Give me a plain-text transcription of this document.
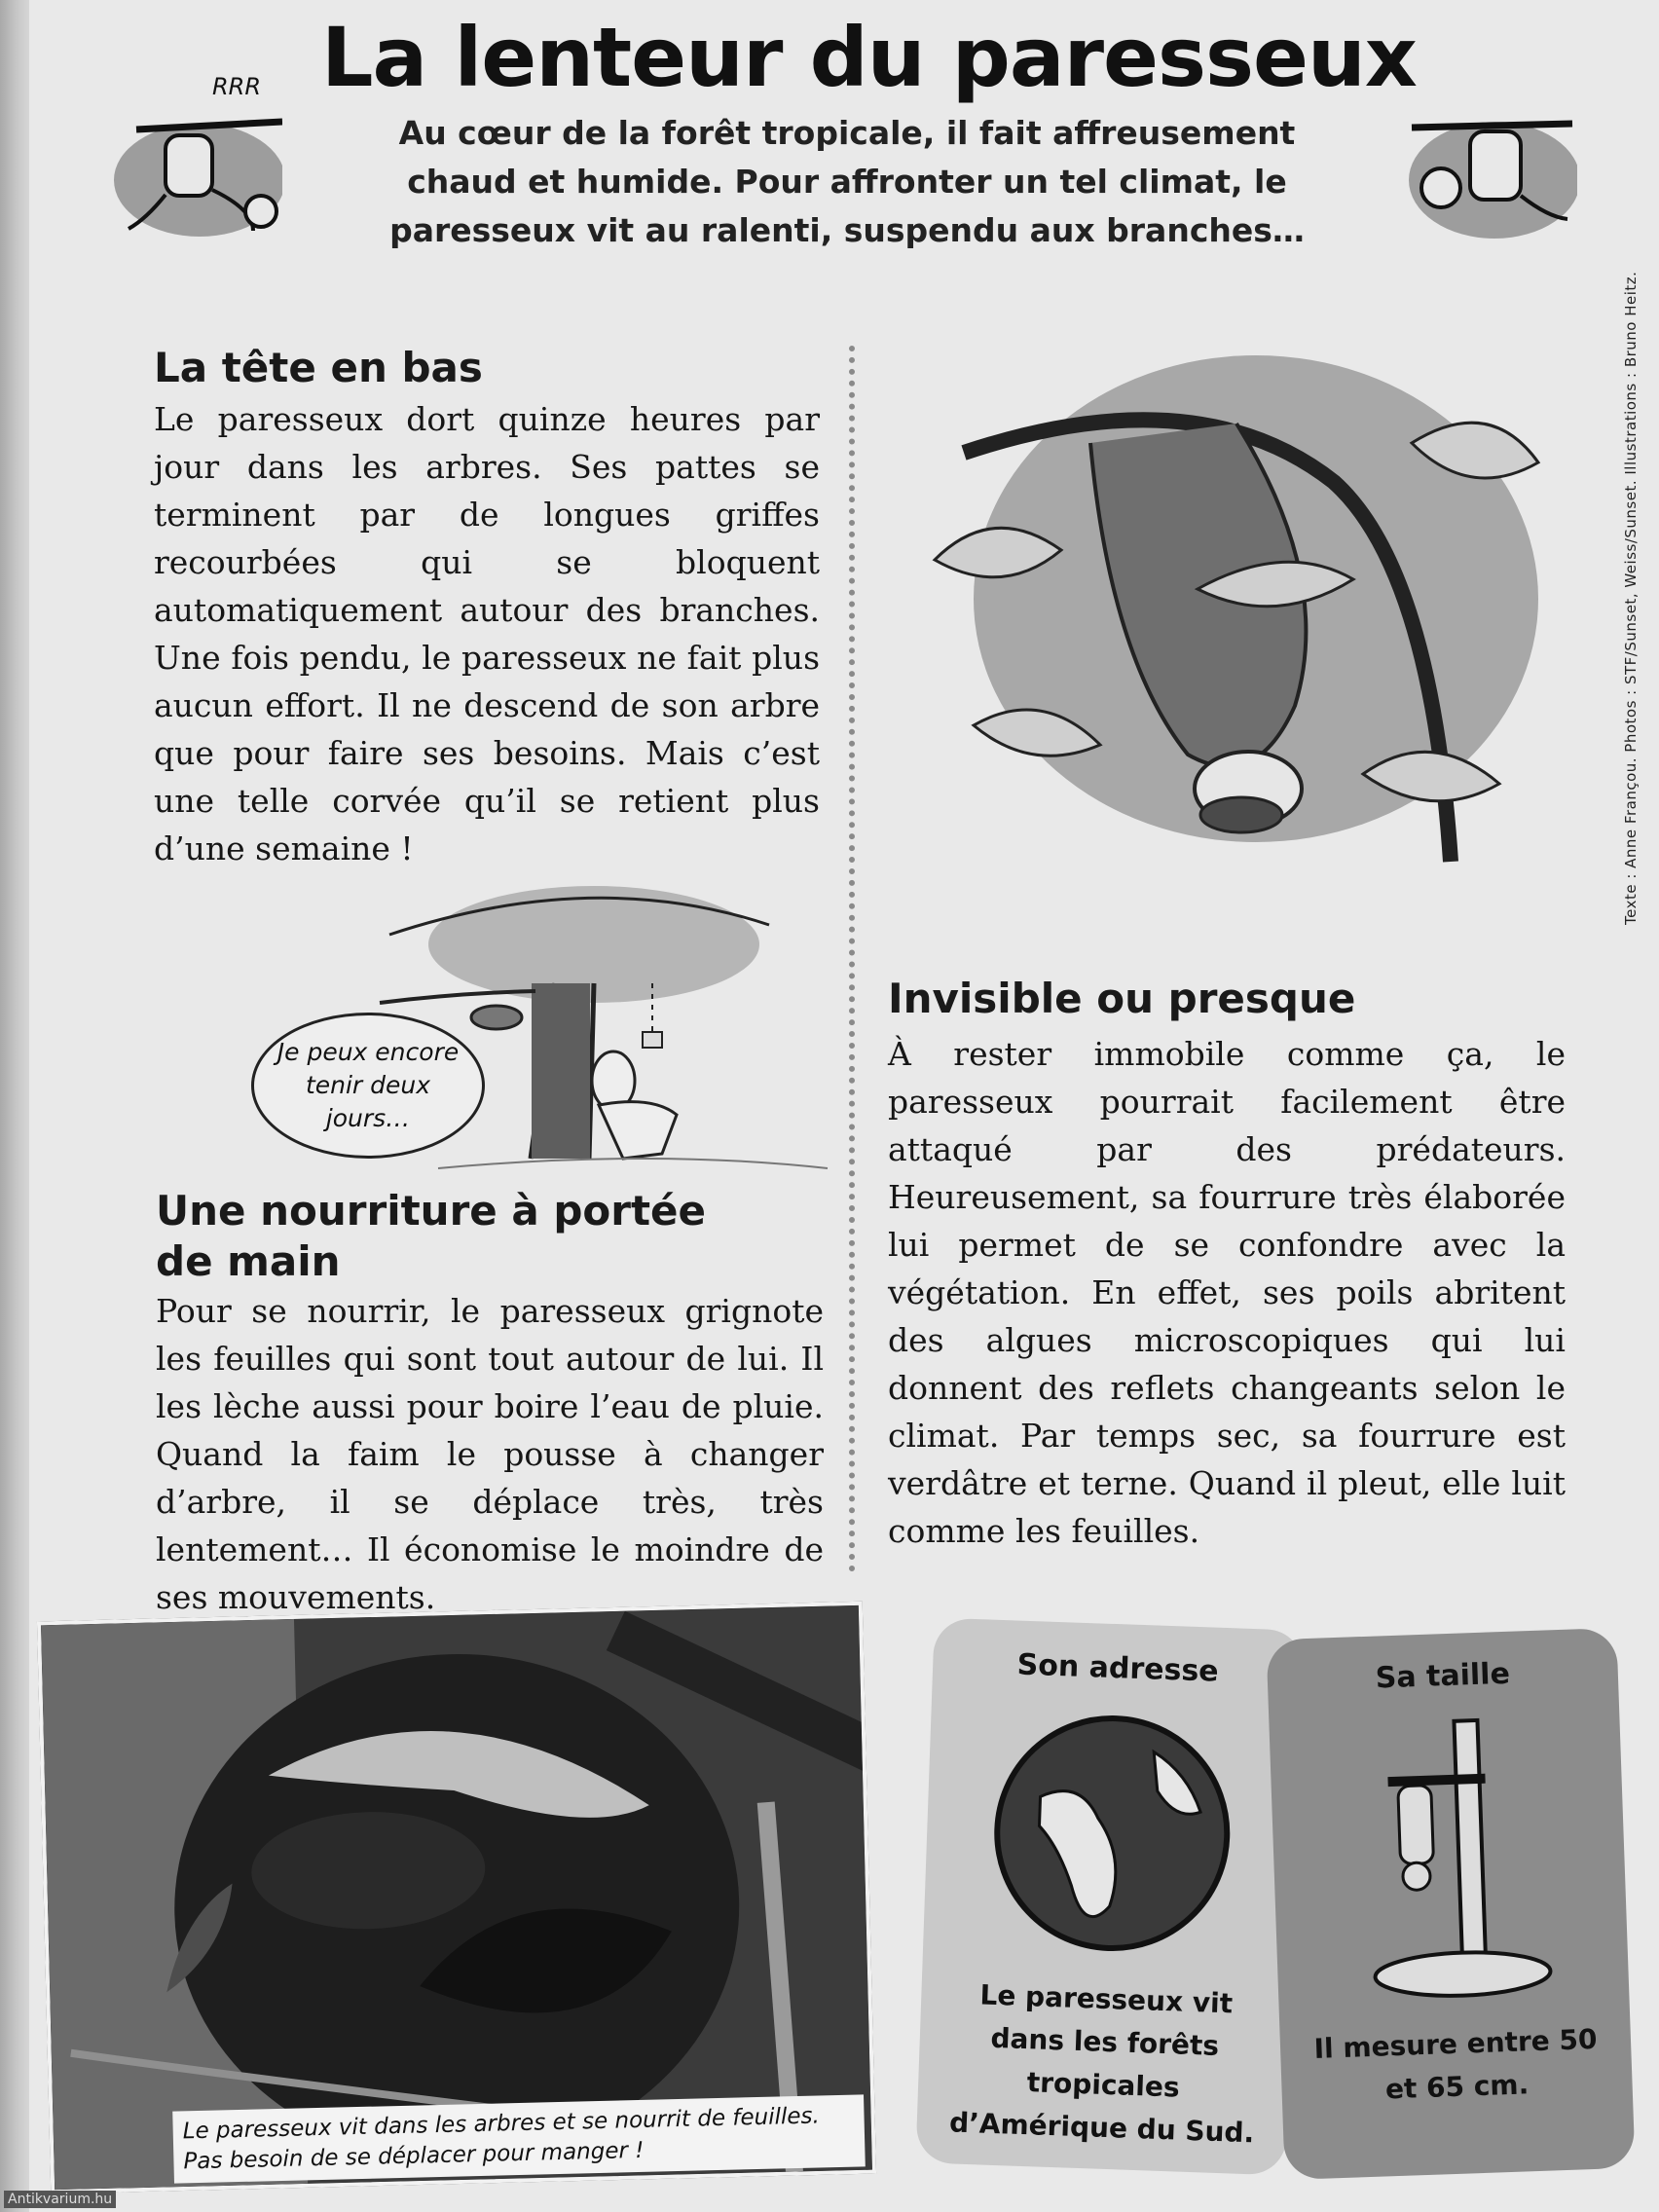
La lenteur du paresseux
Au cœur de la forêt tropicale, il fait affreusement chaud et humide. Pour affronter un tel climat, le paresseux vit au ralenti, suspendu aux branches…
RRR
La tête en bas
Le paresseux dort quinze heures par jour dans les arbres. Ses pattes se terminent par de longues griffes recourbées qui se bloquent automatiquement autour des branches. Une fois pendu, le paresseux ne fait plus aucun effort. Il ne descend de son arbre que pour faire ses besoins. Mais c’est une telle corvée qu’il se retient plus d’une semaine !
Je peux encore tenir deux jours…
Une nourriture à portée de main
Pour se nourrir, le paresseux grignote les feuilles qui sont tout autour de lui. Il les lèche aussi pour boire l’eau de pluie. Quand la faim le pousse à changer d’arbre, il se déplace très, très lentement… Il économise le moindre de ses mouvements.
Invisible ou presque
À rester immobile comme ça, le paresseux pourrait facilement être attaqué par des prédateurs. Heureusement, sa fourrure très élaborée lui permet de se confondre avec la végétation. En effet, ses poils abritent des algues microscopiques qui lui donnent des reflets changeants selon le climat. Par temps sec, sa fourrure est verdâtre et terne. Quand il pleut, elle luit comme les feuilles.
Le paresseux vit dans les arbres et se nourrit de feuilles. Pas besoin de se déplacer pour manger !
Son adresse
Le paresseux vit dans les forêts tropicales d’Amérique du Sud.
Sa taille
Il mesure entre 50 et 65 cm.
Texte : Anne Françou. Photos : STF/Sunset, Weiss/Sunset. Illustrations : Bruno Heitz.
Antikvarium.hu
